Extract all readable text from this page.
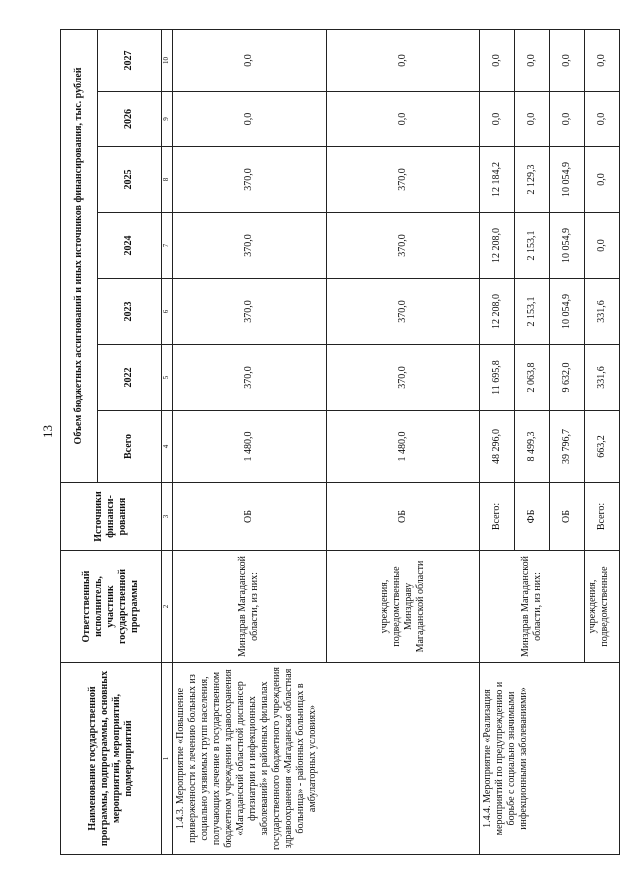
13
Наименование государственной программы, подпрограммы, основных мероприятий, мероприятий, подмероприятий	Ответственный исполнитель, участник государственной программы	Источники финанси-рования	Объем бюджетных ассигнований и иных источников финансирования, тыс. рублей						
			Всего	2022	2023	2024	2025	2026	2027
1	2	3	4	5	6	7	8	9	10
1.4.3. Мероприятие «Повышение приверженности к лечению больных из социально уязвимых групп населения, получающих лечение в государственном бюджетном учреждении здравоохранения «Магаданский областной диспансер фтизиатрии и инфекционных заболеваний» и районных филиалах государственного бюджетного учреждения здравоохранения «Магаданская областная больница» - районных больницах в амбулаторных условиях»	Минздрав Магаданской области, из них:	ОБ	1 480,0	370,0	370,0	370,0	370,0	0,0	0,0
	учреждения, подведомственные Минздраву Магаданской области	ОБ	1 480,0	370,0	370,0	370,0	370,0	0,0	0,0
1.4.4. Мероприятие «Реализация мероприятий по предупреждению и борьбе с социально значимыми инфекционными заболеваниями»	Минздрав Магаданской области, из них:	Всего:	48 296,0	11 695,8	12 208,0	12 208,0	12 184,2	0,0	0,0
		ФБ	8 499,3	2 063,8	2 153,1	2 153,1	2 129,3	0,0	0,0
		ОБ	39 796,7	9 632,0	10 054,9	10 054,9	10 054,9	0,0	0,0
	учреждения, подведомственные	Всего:	663,2	331,6	331,6	0,0	0,0	0,0	0,0
